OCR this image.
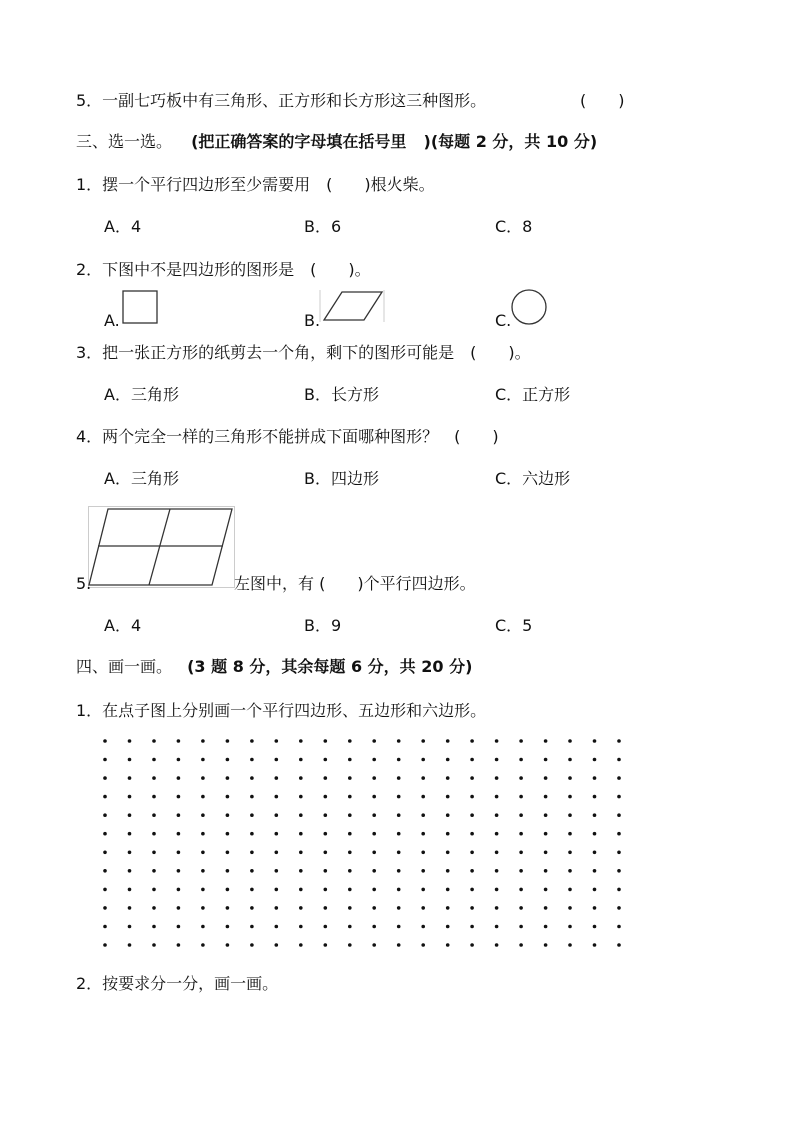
5．一副七巧板中有三角形、正方形和长方形这三种图形。	(　　)
三、选一选。 (把正确答案的字母填在括号里 )(每题 2 分，共 10 分)
1．摆一个平行四边形至少需要用　(　　)根火柴。
A．4	B．6	C．8
2．下图中不是四边形的图形是　(　　)。
A.	B.	C.
3．把一张正方形的纸剪去一个角，剩下的图形可能是　(　　)。
A．三角形	B．长方形	C．正方形
4．两个完全一样的三角形不能拼成下面哪种图形？　(　　)
A．三角形	B．四边形	C．六边形
5.	左图中，有 (　　)个平行四边形。
A．4	B．9	C．5
四、画一画。 (3 题 8 分，其余每题 6 分，共 20 分)
1．在点子图上分别画一个平行四边形、五边形和六边形。
2．按要求分一分，画一画。
